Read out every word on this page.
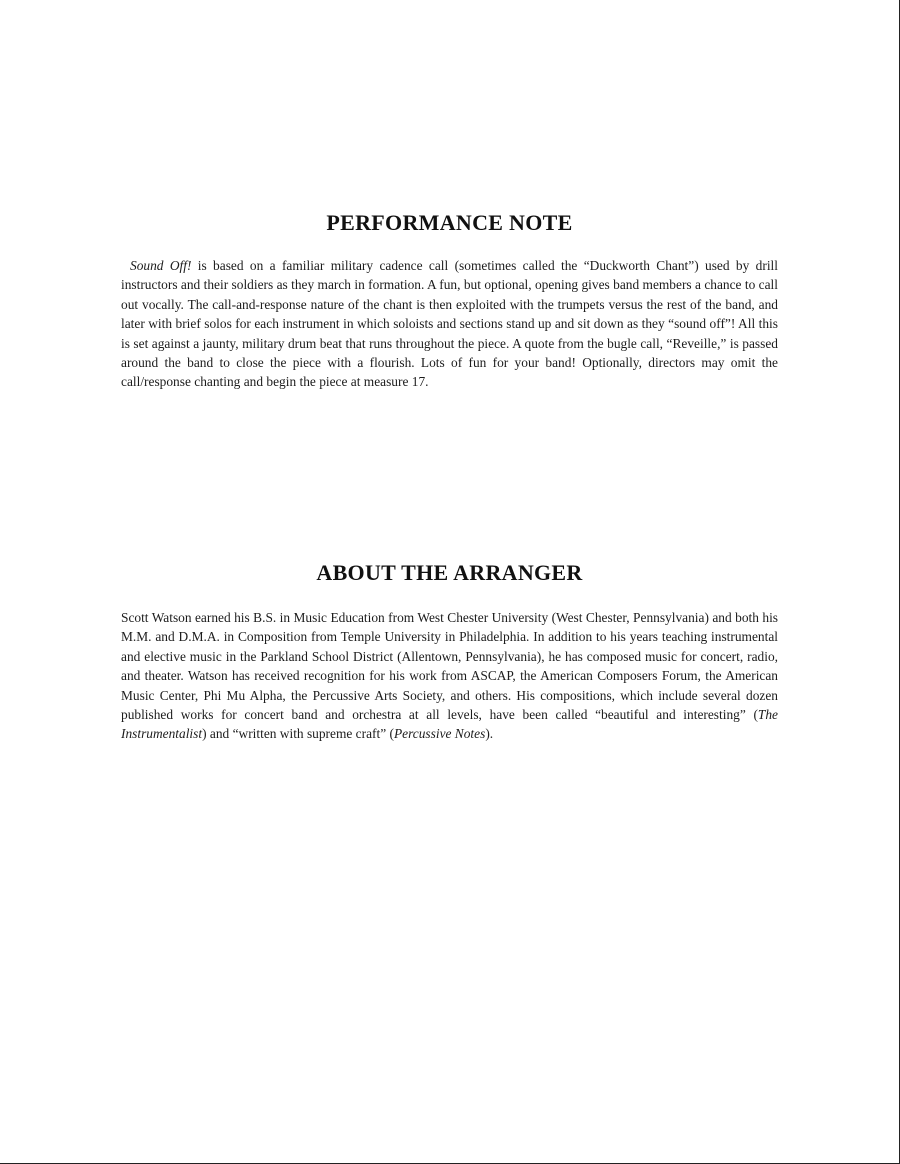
PERFORMANCE NOTE

Sound Off! is based on a familiar military cadence call (sometimes called the “Duckworth Chant”) used by drill instructors and their soldiers as they march in formation. A fun, but optional, opening gives band members a chance to call out vocally. The call-and-response nature of the chant is then exploited with the trumpets versus the rest of the band, and later with brief solos for each instrument in which soloists and sections stand up and sit down as they “sound off”! All this is set against a jaunty, military drum beat that runs throughout the piece. A quote from the bugle call, “Reveille,” is passed around the band to close the piece with a flourish. Lots of fun for your band! Optionally, directors may omit the call/response chanting and begin the piece at measure 17.

ABOUT THE ARRANGER

Scott Watson earned his B.S. in Music Education from West Chester University (West Chester, Pennsylvania) and both his M.M. and D.M.A. in Composition from Temple University in Philadelphia. In addition to his years teaching instrumental and elective music in the Parkland School District (Allentown, Pennsylvania), he has composed music for concert, radio, and theater. Watson has received recognition for his work from ASCAP, the American Composers Forum, the American Music Center, Phi Mu Alpha, the Percussive Arts Society, and others. His compositions, which include several dozen published works for concert band and orchestra at all levels, have been called “beautiful and interesting” (The Instrumentalist) and “written with supreme craft” (Percussive Notes).
